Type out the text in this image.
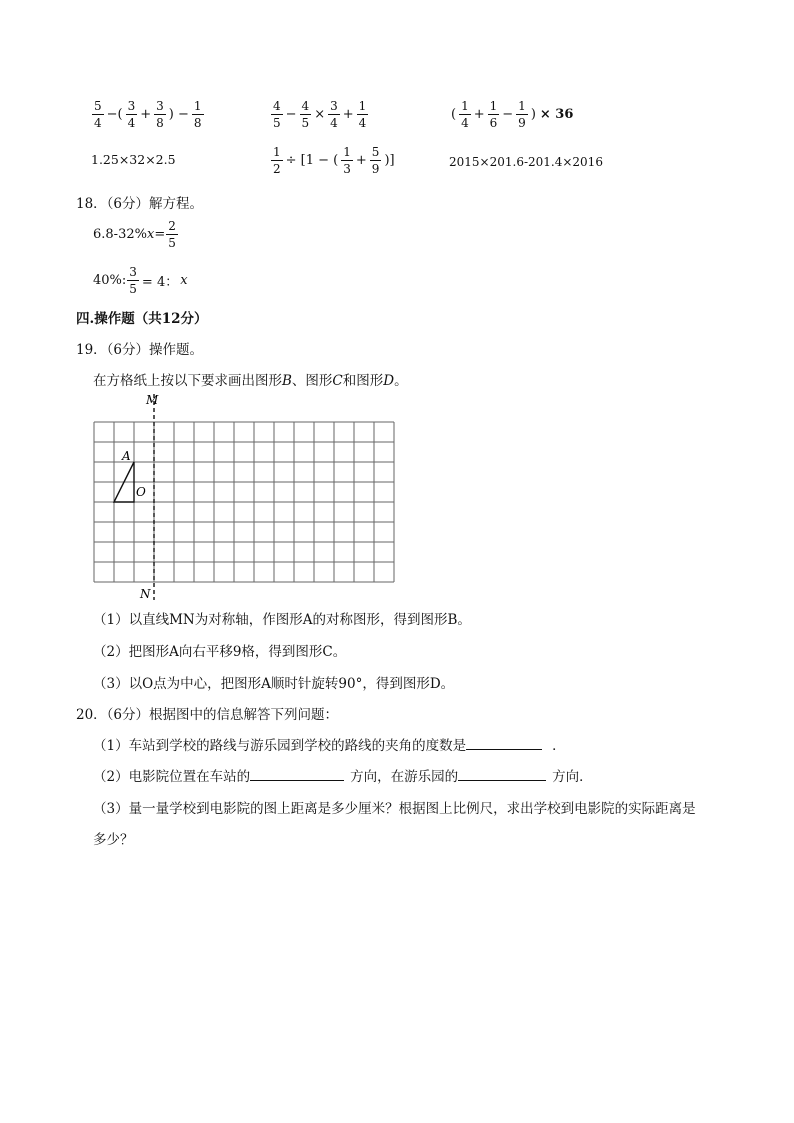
$\frac{5}{4}$ −( $\frac{3}{4} + \frac{3}{8}$ ) − $\frac{1}{8}$	$\frac{4}{5} - \frac{4}{5} \times \frac{3}{4} + \frac{1}{4}$	( $\frac{1}{4} + \frac{1}{6} - \frac{1}{9}$ ) × 36
1.25×32×2.5	$\frac{1}{2} \div [1$ − ( $\frac{1}{3} + \frac{5}{9}$ )]	2015×201.6-201.4×2016
18．（6分）解方程。
6.8-32% $x = \frac{2}{5}$
40%: $\frac{3}{5} = 4$： x
四.操作题（共12分）
19．（6分）操作题。
在方格纸上按以下要求画出图形B、图形C和图形D。
M
N
A
O
（1）以直线MN为对称轴，作图形A的对称图形，得到图形B。
（2）把图形A向右平移9格，得到图形C。
（3）以O点为中心，把图形A顺时针旋转90°，得到图形D。
20．（6分）根据图中的信息解答下列问题：
（1）车站到学校的路线与游乐园到学校的路线的夹角的度数是	．
（2）电影院位置在车站的	方向，在游乐园的	方向．
（3）量一量学校到电影院的图上距离是多少厘米？根据图上比例尺，求出学校到电影院的实际距离是
多少？
